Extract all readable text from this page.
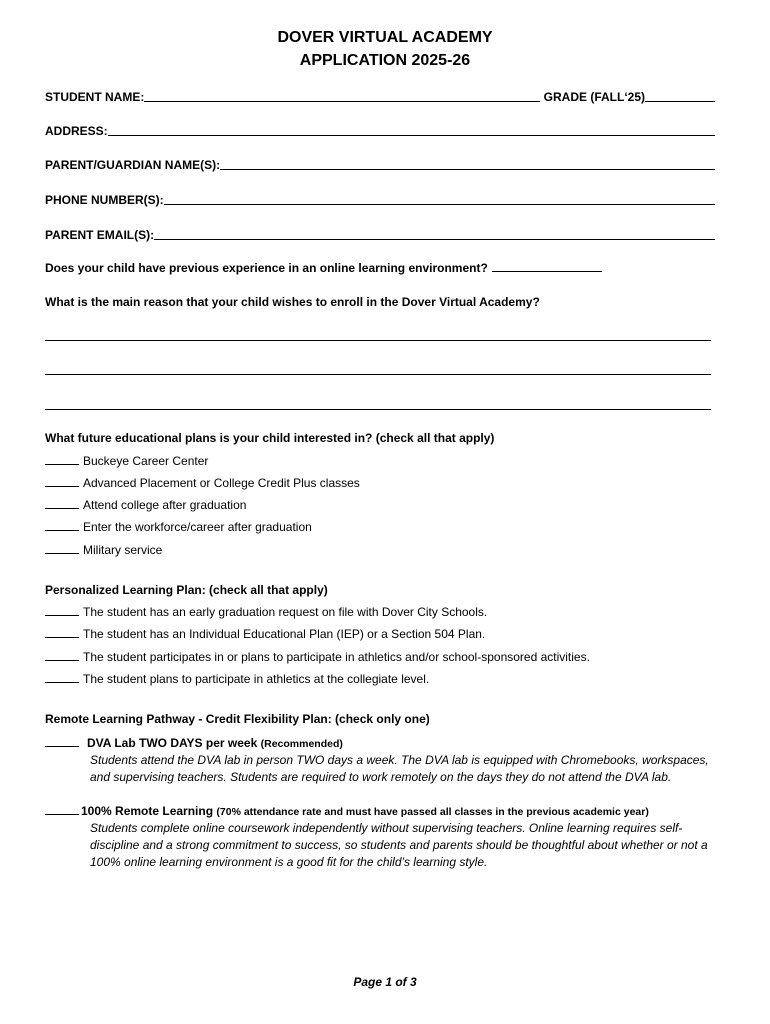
DOVER VIRTUAL ACADEMY
APPLICATION 2025-26
STUDENT NAME:	GRADE (FALL‘25)
ADDRESS:
PARENT/GUARDIAN NAME(S):
PHONE NUMBER(S):
PARENT EMAIL(S):
Does your child have previous experience in an online learning environment?
What is the main reason that your child wishes to enroll in the Dover Virtual Academy?
What future educational plans is your child interested in? (check all that apply)
Buckeye Career Center
Advanced Placement or College Credit Plus classes
Attend college after graduation
Enter the workforce/career after graduation
Military service
Personalized Learning Plan: (check all that apply)
The student has an early graduation request on file with Dover City Schools.
The student has an Individual Educational Plan (IEP) or a Section 504 Plan.
The student participates in or plans to participate in athletics and/or school-sponsored activities.
The student plans to participate in athletics at the collegiate level.
Remote Learning Pathway - Credit Flexibility Plan: (check only one)
DVA Lab TWO DAYS per week (Recommended)
Students attend the DVA lab in person TWO days a week. The DVA lab is equipped with Chromebooks, workspaces, and supervising teachers. Students are required to work remotely on the days they do not attend the DVA lab.
100% Remote Learning (70% attendance rate and must have passed all classes in the previous academic year)
Students complete online coursework independently without supervising teachers. Online learning requires self-discipline and a strong commitment to success, so students and parents should be thoughtful about whether or not a 100% online learning environment is a good fit for the child’s learning style.
Page 1 of 3
